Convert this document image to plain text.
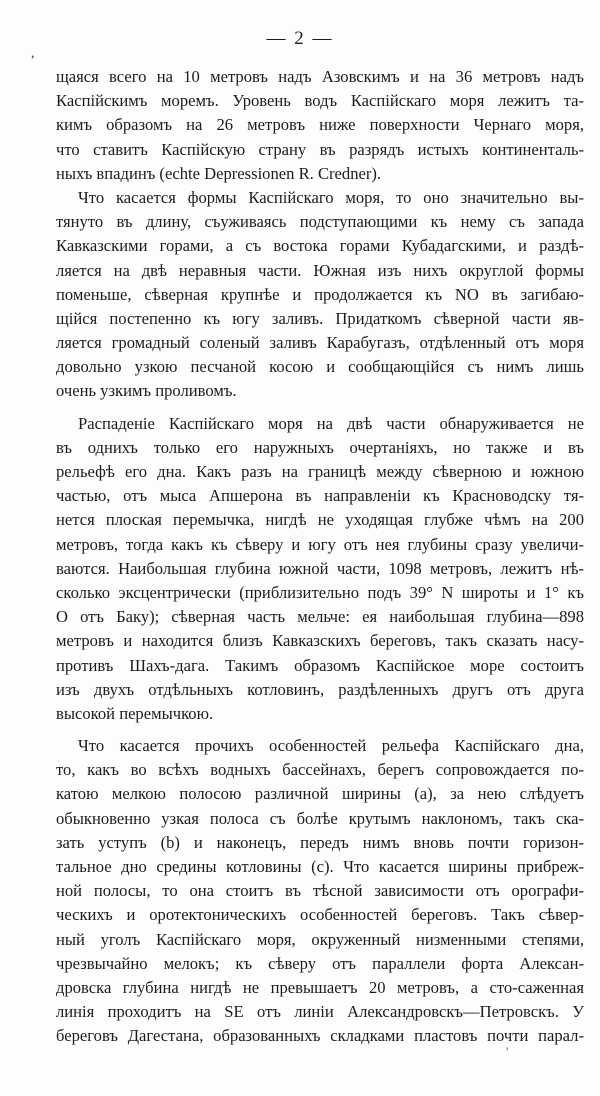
,
— 2 —
щаяся всего на 10 метровъ надъ Азовскимъ и на 36 метровъ надъ
Каспiйскимъ моремъ. Уровень водъ Каспiйскаго моря лежитъ та-
кимъ образомъ на 26 метровъ ниже поверхности Чернаго моря,
что ставитъ Каспiйскую страну въ разрядъ истыхъ континенталь-
ныхъ впадинъ (echte Depressionen R. Credner).
Что касается формы Каспiйскаго моря, то оно значительно вы-
тянуто въ длину, съуживаясь подступающими къ нему съ запада
Кавказскими горами, а съ востока горами Кубадагскими, и раздѣ-
ляется на двѣ неравныя части. Южная изъ нихъ округлой формы
поменьше, сѣверная крупнѣе и продолжается къ NO въ загибаю-
щiйся постепенно къ югу заливъ. Придаткомъ сѣверной части яв-
ляется громадный соленый заливъ Карабугазъ, отдѣленный отъ моря
довольно узкою песчаной косою и сообщающiйся съ нимъ лишь
очень узкимъ проливомъ.
Распаденiе Каспiйскаго моря на двѣ части обнаруживается не
въ однихъ только его наружныхъ очертанiяхъ, но также и въ
рельефѣ его дна. Какъ разъ на границѣ между сѣверною и южною
частью, отъ мыса Апшерона въ направленiи къ Красноводску тя-
нется плоская перемычка, нигдѣ не уходящая глубже чѣмъ на 200
метровъ, тогда какъ къ сѣверу и югу отъ нея глубины сразу увеличи-
ваются. Наибольшая глубина южной части, 1098 метровъ, лежитъ нѣ-
сколько эксцентрически (приблизительно подъ 39° N широты и 1° къ
O отъ Баку); сѣверная часть мельче: ея наибольшая глубина—898
метровъ и находится близъ Кавказскихъ береговъ, такъ сказать насу-
противъ Шахъ-дага. Такимъ образомъ Каспiйское море состоитъ
изъ двухъ отдѣльныхъ котловинъ, раздѣленныхъ другъ отъ друга
высокой перемычкою.
Что касается прочихъ особенностей рельефа Каспiйскаго дна,
то, какъ во всѣхъ водныхъ бассейнахъ, берегъ сопровождается по-
катою мелкою полосою различной ширины (a), за нею слѣдуетъ
обыкновенно узкая полоса съ болѣе крутымъ наклономъ, такъ ска-
зать уступъ (b) и наконецъ, передъ нимъ вновь почти горизон-
тальное дно средины котловины (c). Что касается ширины прибреж-
ной полосы, то она стоитъ въ тѣсной зависимости отъ орографи-
ческихъ и оротектоническихъ особенностей береговъ. Такъ сѣвер-
ный уголъ Каспiйскаго моря, окруженный низменными степями,
чрезвычайно мелокъ; къ сѣверу отъ параллели форта Алексан-
дровска глубина нигдѣ не превышаетъ 20 метровъ, а сто-саженная
линiя проходитъ на SE отъ линiи Александровскъ—Петровскъ. У
береговъ Дагестана, образованныхъ складками пластовъ почти парал-
'
